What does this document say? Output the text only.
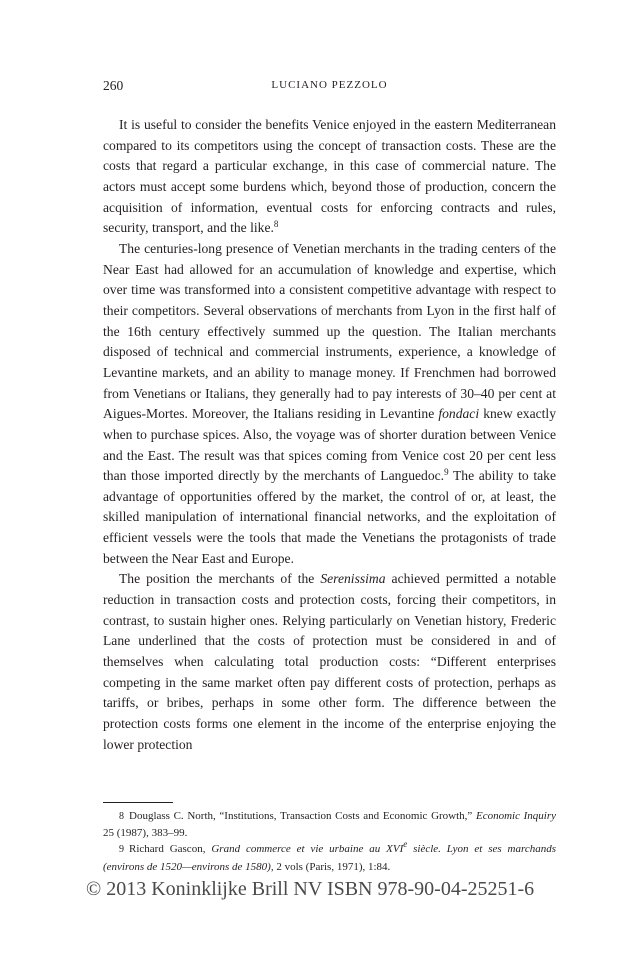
260	LUCIANO PEZZOLO

It is useful to consider the benefits Venice enjoyed in the eastern Mediterranean compared to its competitors using the concept of transaction costs. These are the costs that regard a particular exchange, in this case of commercial nature. The actors must accept some burdens which, beyond those of production, concern the acquisition of information, eventual costs for enforcing contracts and rules, security, transport, and the like.$^8$

The centuries-long presence of Venetian merchants in the trading centers of the Near East had allowed for an accumulation of knowledge and expertise, which over time was transformed into a consistent competitive advantage with respect to their competitors. Several observations of merchants from Lyon in the first half of the 16th century effectively summed up the question. The Italian merchants disposed of technical and commercial instruments, experience, a knowledge of Levantine markets, and an ability to manage money. If Frenchmen had borrowed from Venetians or Italians, they generally had to pay interests of 30–40 per cent at Aigues-Mortes. Moreover, the Italians residing in Levantine fondaci knew exactly when to purchase spices. Also, the voyage was of shorter duration between Venice and the East. The result was that spices coming from Venice cost 20 per cent less than those imported directly by the merchants of Languedoc.$^9$ The ability to take advantage of opportunities offered by the market, the control of or, at least, the skilled manipulation of international financial networks, and the exploitation of efficient vessels were the tools that made the Venetians the protagonists of trade between the Near East and Europe.

The position the merchants of the Serenissima achieved permitted a notable reduction in transaction costs and protection costs, forcing their competitors, in contrast, to sustain higher ones. Relying particularly on Venetian history, Frederic Lane underlined that the costs of protection must be considered in and of themselves when calculating total production costs: “Different enterprises competing in the same market often pay different costs of protection, perhaps as tariffs, or bribes, perhaps in some other form. The difference between the protection costs forms one element in the income of the enterprise enjoying the lower protection

8 Douglass C. North, “Institutions, Transaction Costs and Economic Growth,” Economic Inquiry 25 (1987), 383–99.

9 Richard Gascon, Grand commerce et vie urbaine au XVIe siècle. Lyon et ses marchands (environs de 1520—environs de 1580), 2 vols (Paris, 1971), 1:84.

© 2013 Koninklijke Brill NV ISBN 978-90-04-25251-6
